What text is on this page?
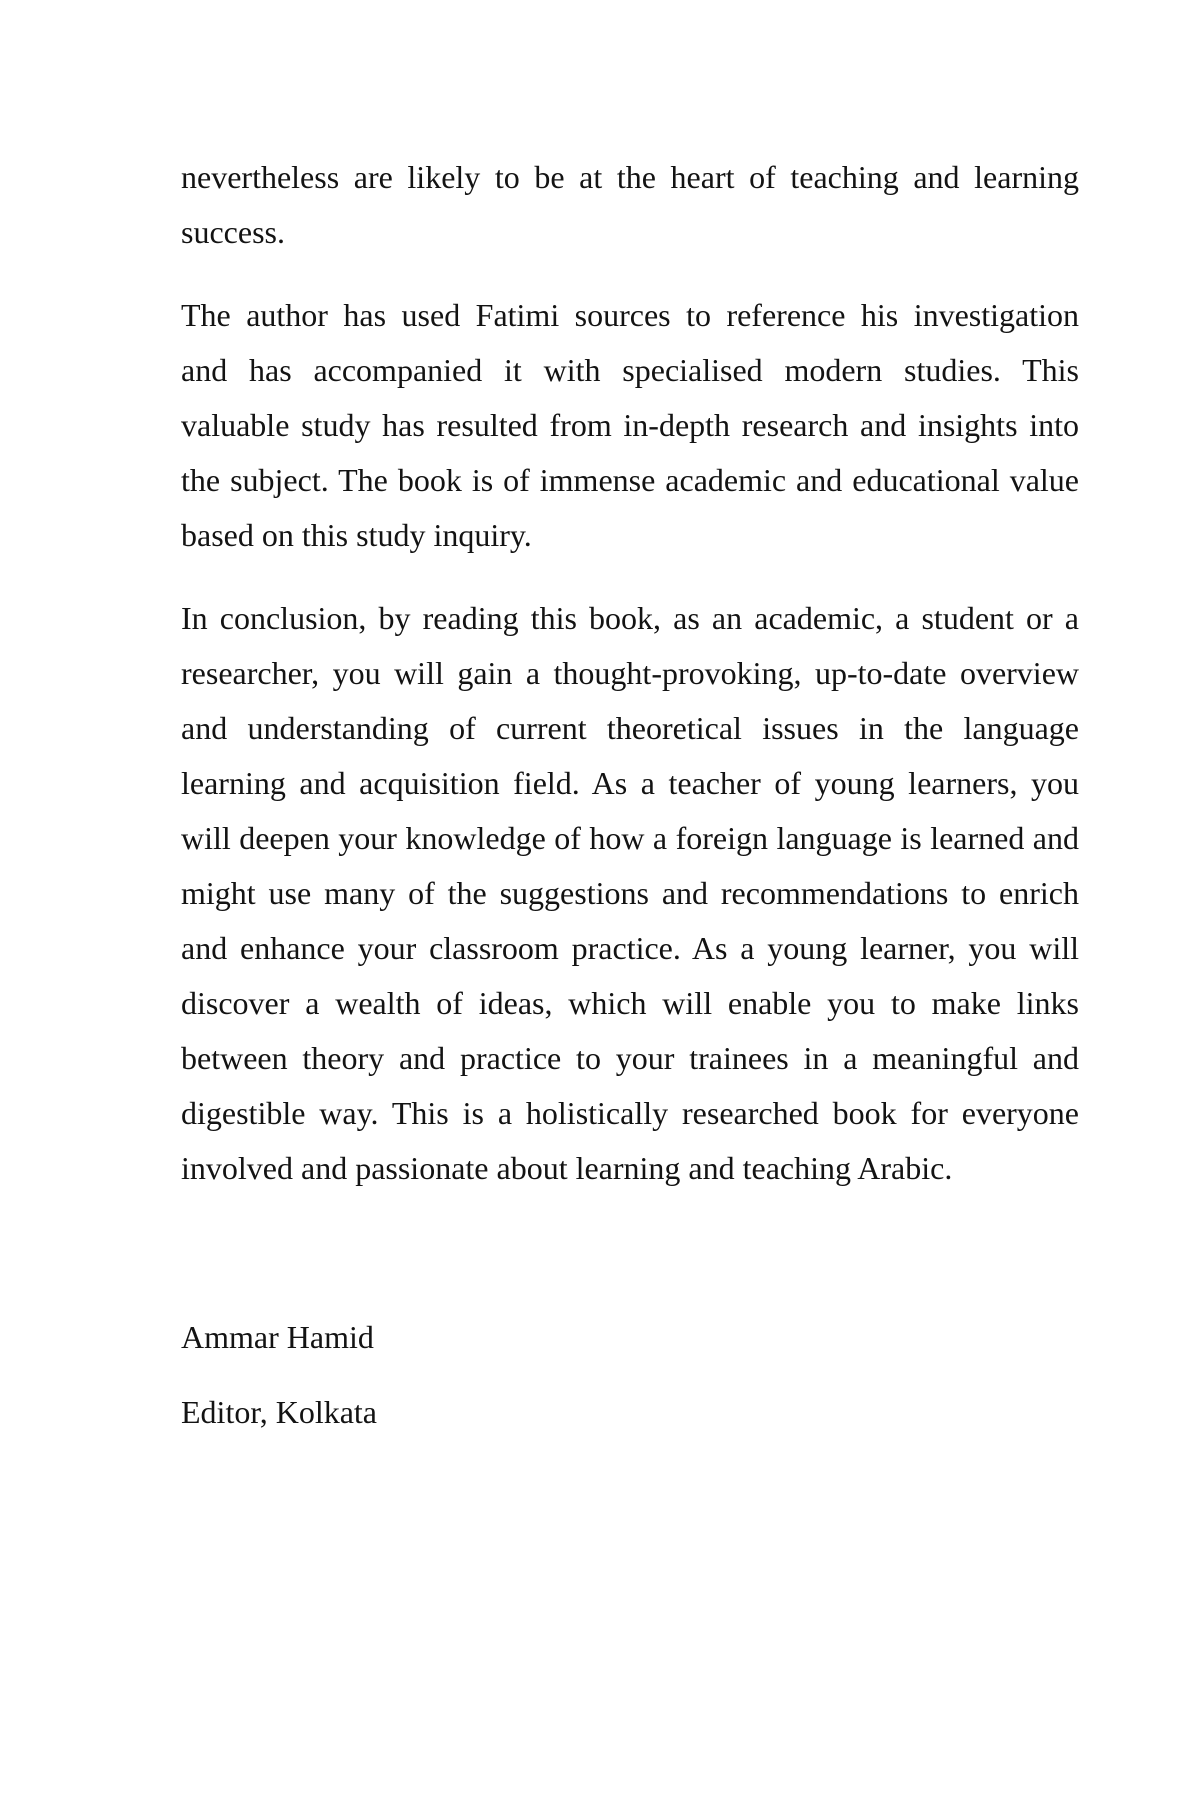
nevertheless are likely to be at the heart of teaching and learning
success.
The author has used Fatimi sources to reference his investigation
and has accompanied it with specialised modern studies. This
valuable study has resulted from in-depth research and insights into
the subject. The book is of immense academic and educational value
based on this study inquiry.
In conclusion, by reading this book, as an academic, a student or a
researcher, you will gain a thought-provoking, up-to-date overview
and understanding of current theoretical issues in the language
learning and acquisition field. As a teacher of young learners, you
will deepen your knowledge of how a foreign language is learned and
might use many of the suggestions and recommendations to enrich
and enhance your classroom practice. As a young learner, you will
discover a wealth of ideas, which will enable you to make links
between theory and practice to your trainees in a meaningful and
digestible way. This is a holistically researched book for everyone
involved and passionate about learning and teaching Arabic.
Ammar Hamid
Editor, Kolkata
